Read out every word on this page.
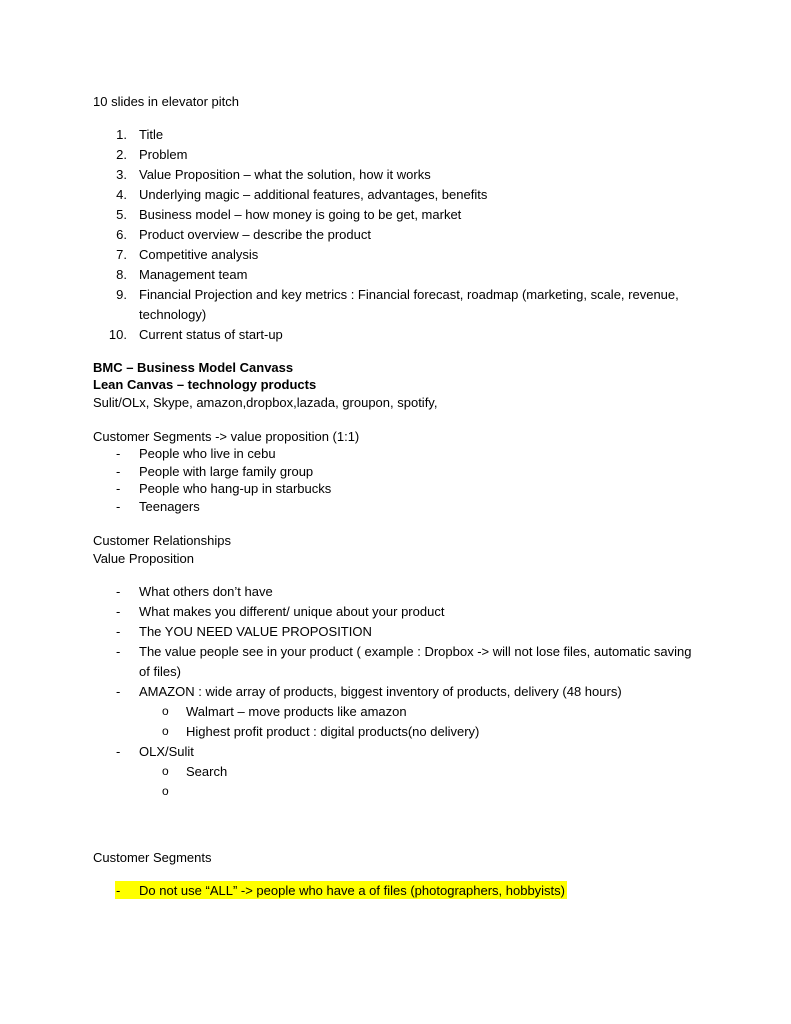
10 slides in elevator pitch
1. Title
2. Problem
3. Value Proposition – what the solution, how it works
4. Underlying magic – additional features, advantages, benefits
5. Business model – how money is going to be get, market
6. Product overview – describe the product
7. Competitive analysis
8. Management team
9. Financial Projection and key metrics : Financial forecast, roadmap (marketing, scale, revenue,
technology)
10. Current status of start-up
BMC – Business Model Canvass
Lean Canvas – technology products
Sulit/OLx, Skype, amazon,dropbox,lazada, groupon, spotify,
Customer Segments -> value proposition (1:1)
- People who live in cebu
- People with large family group
- People who hang-up in starbucks
- Teenagers
Customer Relationships
Value Proposition
- What others don’t have
- What makes you different/ unique about your product
- The YOU NEED VALUE PROPOSITION
- The value people see in your product ( example : Dropbox -> will not lose files, automatic saving
of files)
- AMAZON : wide array of products, biggest inventory of products, delivery (48 hours)
o Walmart – move products like amazon
o Highest profit product : digital products(no delivery)
- OLX/Sulit
o Search
o
Customer Segments
- Do not use “ALL” -> people who have a of files (photographers, hobbyists)
